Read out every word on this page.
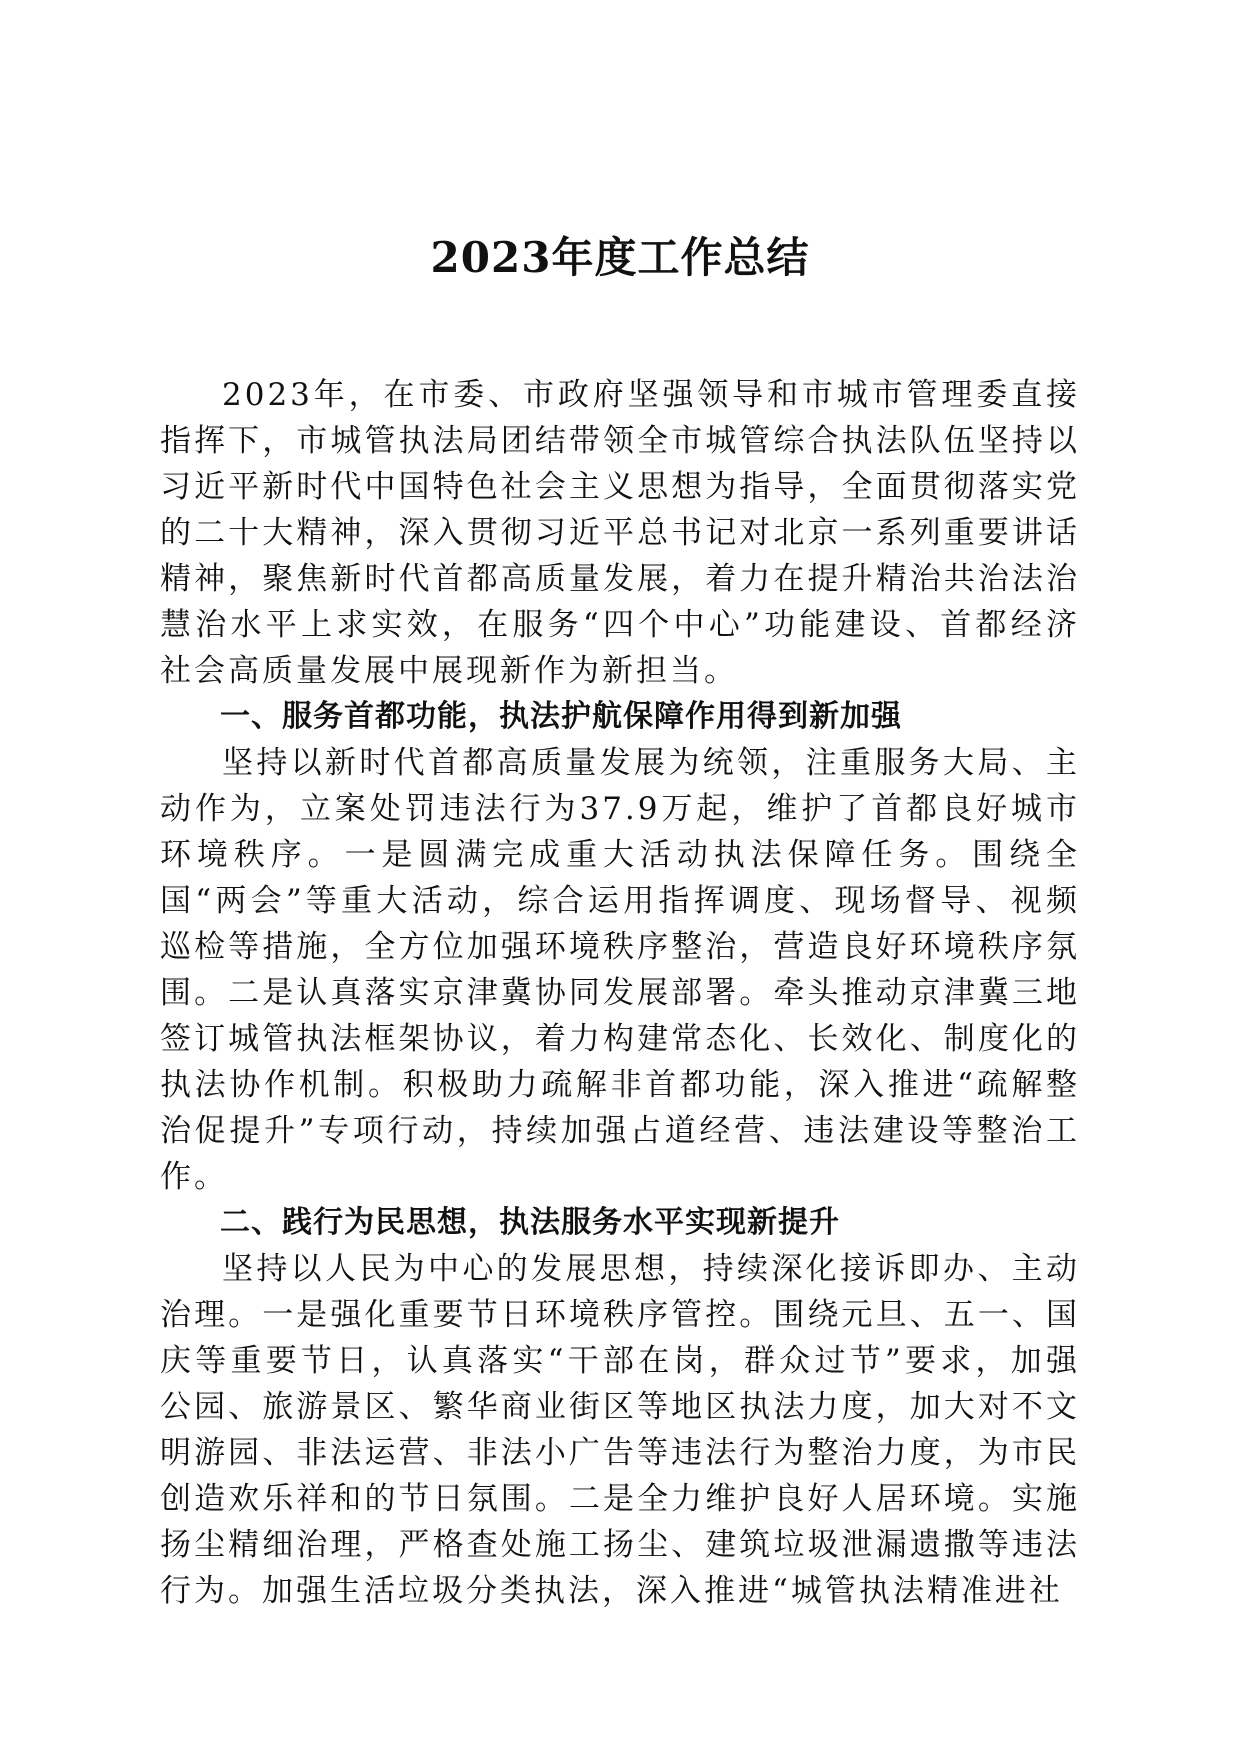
2023年度工作总结

2023年，在市委、市政府坚强领导和市城市管理委直接指挥下，市城管执法局团结带领全市城管综合执法队伍坚持以习近平新时代中国特色社会主义思想为指导，全面贯彻落实党的二十大精神，深入贯彻习近平总书记对北京一系列重要讲话精神，聚焦新时代首都高质量发展，着力在提升精治共治法治慧治水平上求实效，在服务“四个中心”功能建设、首都经济社会高质量发展中展现新作为新担当。

一、服务首都功能，执法护航保障作用得到新加强

坚持以新时代首都高质量发展为统领，注重服务大局、主动作为，立案处罚违法行为37.9万起，维护了首都良好城市环境秩序。一是圆满完成重大活动执法保障任务。围绕全国“两会”等重大活动，综合运用指挥调度、现场督导、视频巡检等措施，全方位加强环境秩序整治，营造良好环境秩序氛围。二是认真落实京津冀协同发展部署。牵头推动京津冀三地签订城管执法框架协议，着力构建常态化、长效化、制度化的执法协作机制。积极助力疏解非首都功能，深入推进“疏解整治促提升”专项行动，持续加强占道经营、违法建设等整治工作。

二、践行为民思想，执法服务水平实现新提升

坚持以人民为中心的发展思想，持续深化接诉即办、主动治理。一是强化重要节日环境秩序管控。围绕元旦、五一、国庆等重要节日，认真落实“干部在岗，群众过节”要求，加强公园、旅游景区、繁华商业街区等地区执法力度，加大对不文明游园、非法运营、非法小广告等违法行为整治力度，为市民创造欢乐祥和的节日氛围。二是全力维护良好人居环境。实施扬尘精细治理，严格查处施工扬尘、建筑垃圾泄漏遗撒等违法行为。加强生活垃圾分类执法，深入推进“城管执法精准进社
